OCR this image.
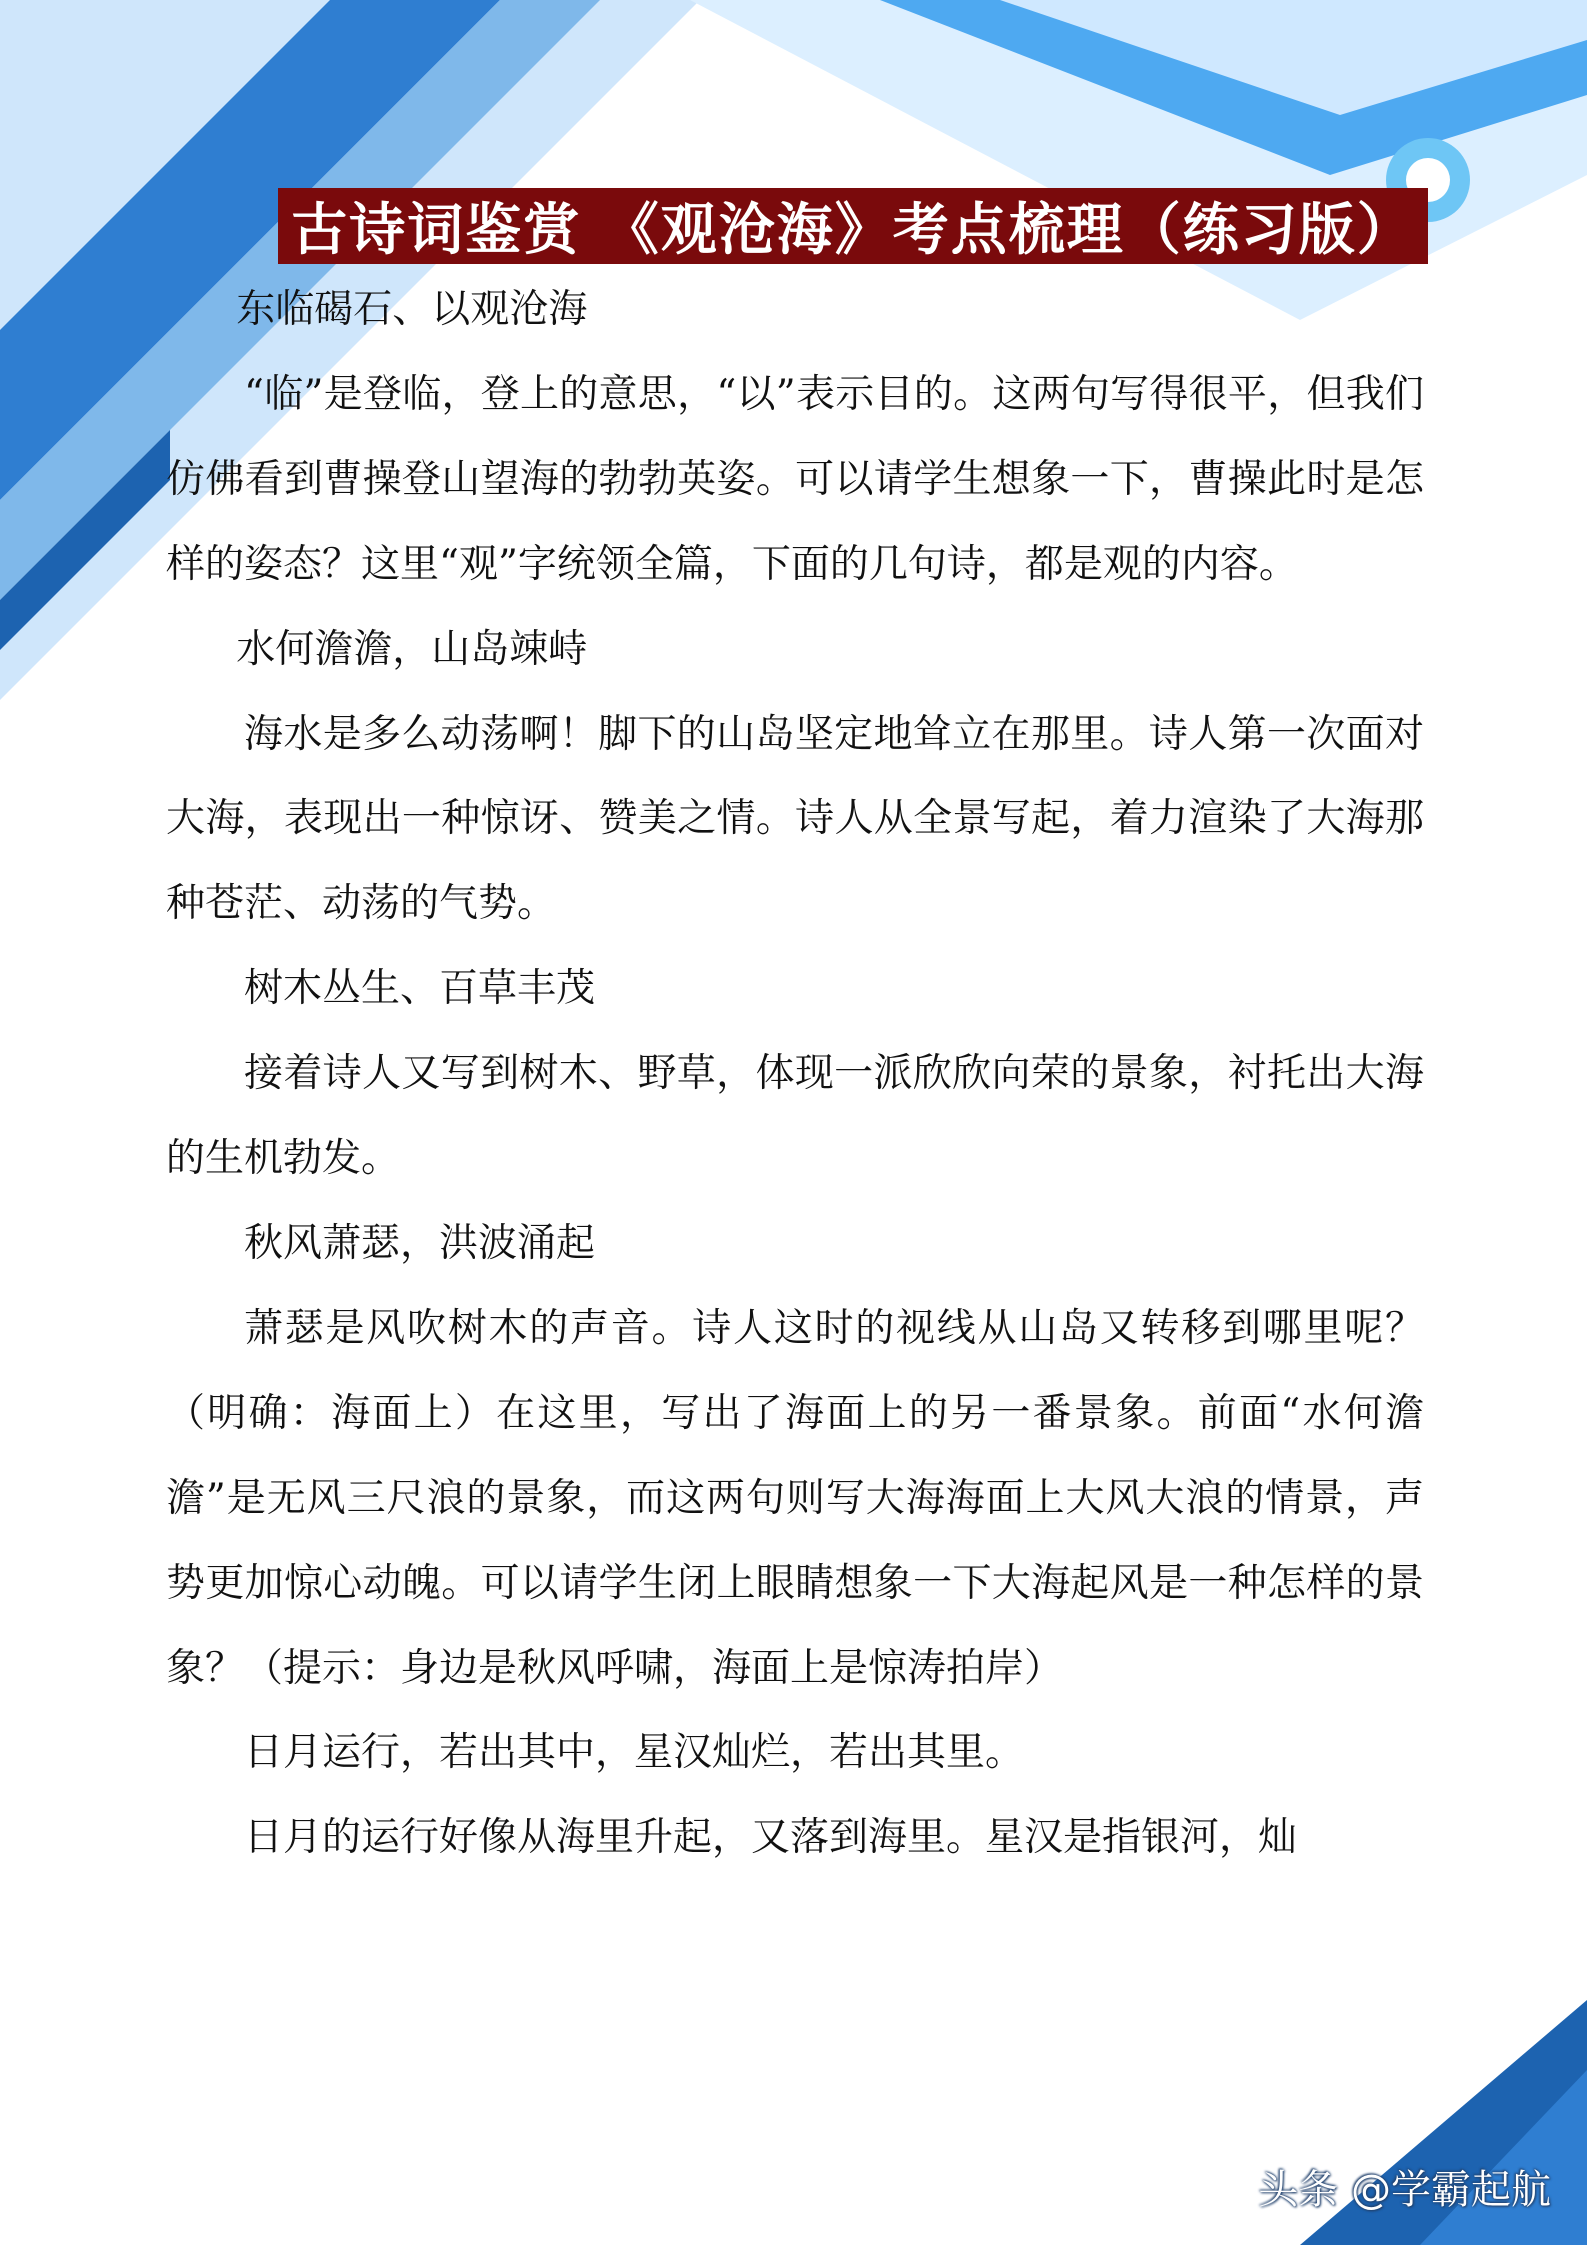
古诗词鉴赏 《观沧海》考点梳理（练习版）

东临碣石、以观沧海

“临”是登临，登上的意思，“以”表示目的。这两句写得很平，但我们仿佛看到曹操登山望海的勃勃英姿。可以请学生想象一下，曹操此时是怎样的姿态？这里“观”字统领全篇，下面的几句诗，都是观的内容。

水何澹澹，山岛竦峙

海水是多么动荡啊！脚下的山岛坚定地耸立在那里。诗人第一次面对大海，表现出一种惊讶、赞美之情。诗人从全景写起，着力渲染了大海那种苍茫、动荡的气势。

树木丛生、百草丰茂

接着诗人又写到树木、野草，体现一派欣欣向荣的景象，衬托出大海的生机勃发。

秋风萧瑟，洪波涌起

萧瑟是风吹树木的声音。诗人这时的视线从山岛又转移到哪里呢？（明确：海面上）在这里，写出了海面上的另一番景象。前面“水何澹澹”是无风三尺浪的景象，而这两句则写大海海面上大风大浪的情景，声势更加惊心动魄。可以请学生闭上眼睛想象一下大海起风是一种怎样的景象？（提示：身边是秋风呼啸，海面上是惊涛拍岸）

日月运行，若出其中，星汉灿烂，若出其里。

日月的运行好像从海里升起，又落到海里。星汉是指银河，灿

头条 @学霸起航
